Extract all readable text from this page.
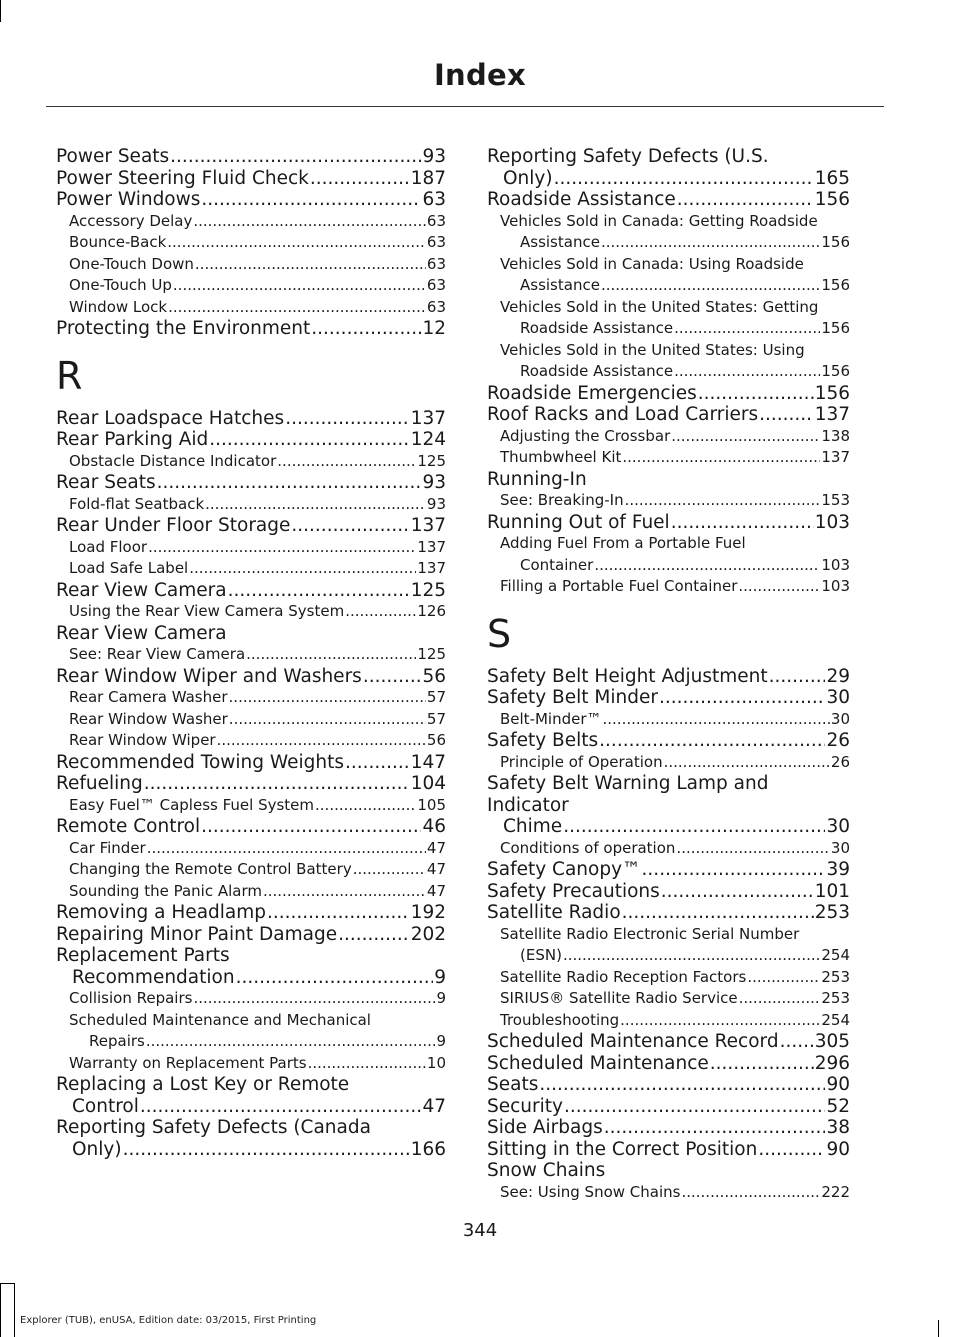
Index
Power Seats .....	93
Power Steering Fluid Check .....	187
Power Windows .....	63
Accessory Delay .....	63
Bounce-Back .....	63
One-Touch Down .....	63
One-Touch Up .....	63
Window Lock .....	63
Protecting the Environment .....	12
R
Rear Loadspace Hatches .....	137
Rear Parking Aid .....	124
Obstacle Distance Indicator .....	125
Rear Seats .....	93
Fold-flat Seatback .....	93
Rear Under Floor Storage .....	137
Load Floor .....	137
Load Safe Label .....	137
Rear View Camera .....	125
Using the Rear View Camera System .....	126
Rear View Camera
See: Rear View Camera .....	125
Rear Window Wiper and Washers .....	56
Rear Camera Washer .....	57
Rear Window Washer .....	57
Rear Window Wiper .....	56
Recommended Towing Weights .....	147
Refueling .....	104
Easy Fuel™ Capless Fuel System .....	105
Remote Control .....	46
Car Finder .....	47
Changing the Remote Control Battery .....	47
Sounding the Panic Alarm .....	47
Removing a Headlamp .....	192
Repairing Minor Paint Damage .....	202
Replacement Parts
Recommendation .....	9
Collision Repairs .....	9
Scheduled Maintenance and Mechanical
Repairs .....	9
Warranty on Replacement Parts .....	10
Replacing a Lost Key or Remote
Control .....	47
Reporting Safety Defects (Canada
Only) .....	166
Reporting Safety Defects (U.S.
Only) .....	165
Roadside Assistance .....	156
Vehicles Sold in Canada: Getting Roadside
Assistance .....	156
Vehicles Sold in Canada: Using Roadside
Assistance .....	156
Vehicles Sold in the United States: Getting
Roadside Assistance .....	156
Vehicles Sold in the United States: Using
Roadside Assistance .....	156
Roadside Emergencies .....	156
Roof Racks and Load Carriers .....	137
Adjusting the Crossbar .....	138
Thumbwheel Kit .....	137
Running-In
See: Breaking-In .....	153
Running Out of Fuel .....	103
Adding Fuel From a Portable Fuel
Container .....	103
Filling a Portable Fuel Container .....	103
S
Safety Belt Height Adjustment .....	29
Safety Belt Minder .....	30
Belt-Minder™ .....	30
Safety Belts .....	26
Principle of Operation .....	26
Safety Belt Warning Lamp and Indicator
Chime .....	30
Conditions of operation .....	30
Safety Canopy™ .....	39
Safety Precautions .....	101
Satellite Radio .....	253
Satellite Radio Electronic Serial Number
(ESN) .....	254
Satellite Radio Reception Factors .....	253
SIRIUS® Satellite Radio Service .....	253
Troubleshooting .....	254
Scheduled Maintenance Record ..... 305
Scheduled Maintenance .....	296
Seats .....	90
Security .....	52
Side Airbags .....	38
Sitting in the Correct Position .....	90
Snow Chains
See: Using Snow Chains .....	222
344
Explorer (TUB), enUSA, Edition date: 03/2015, First Printing
